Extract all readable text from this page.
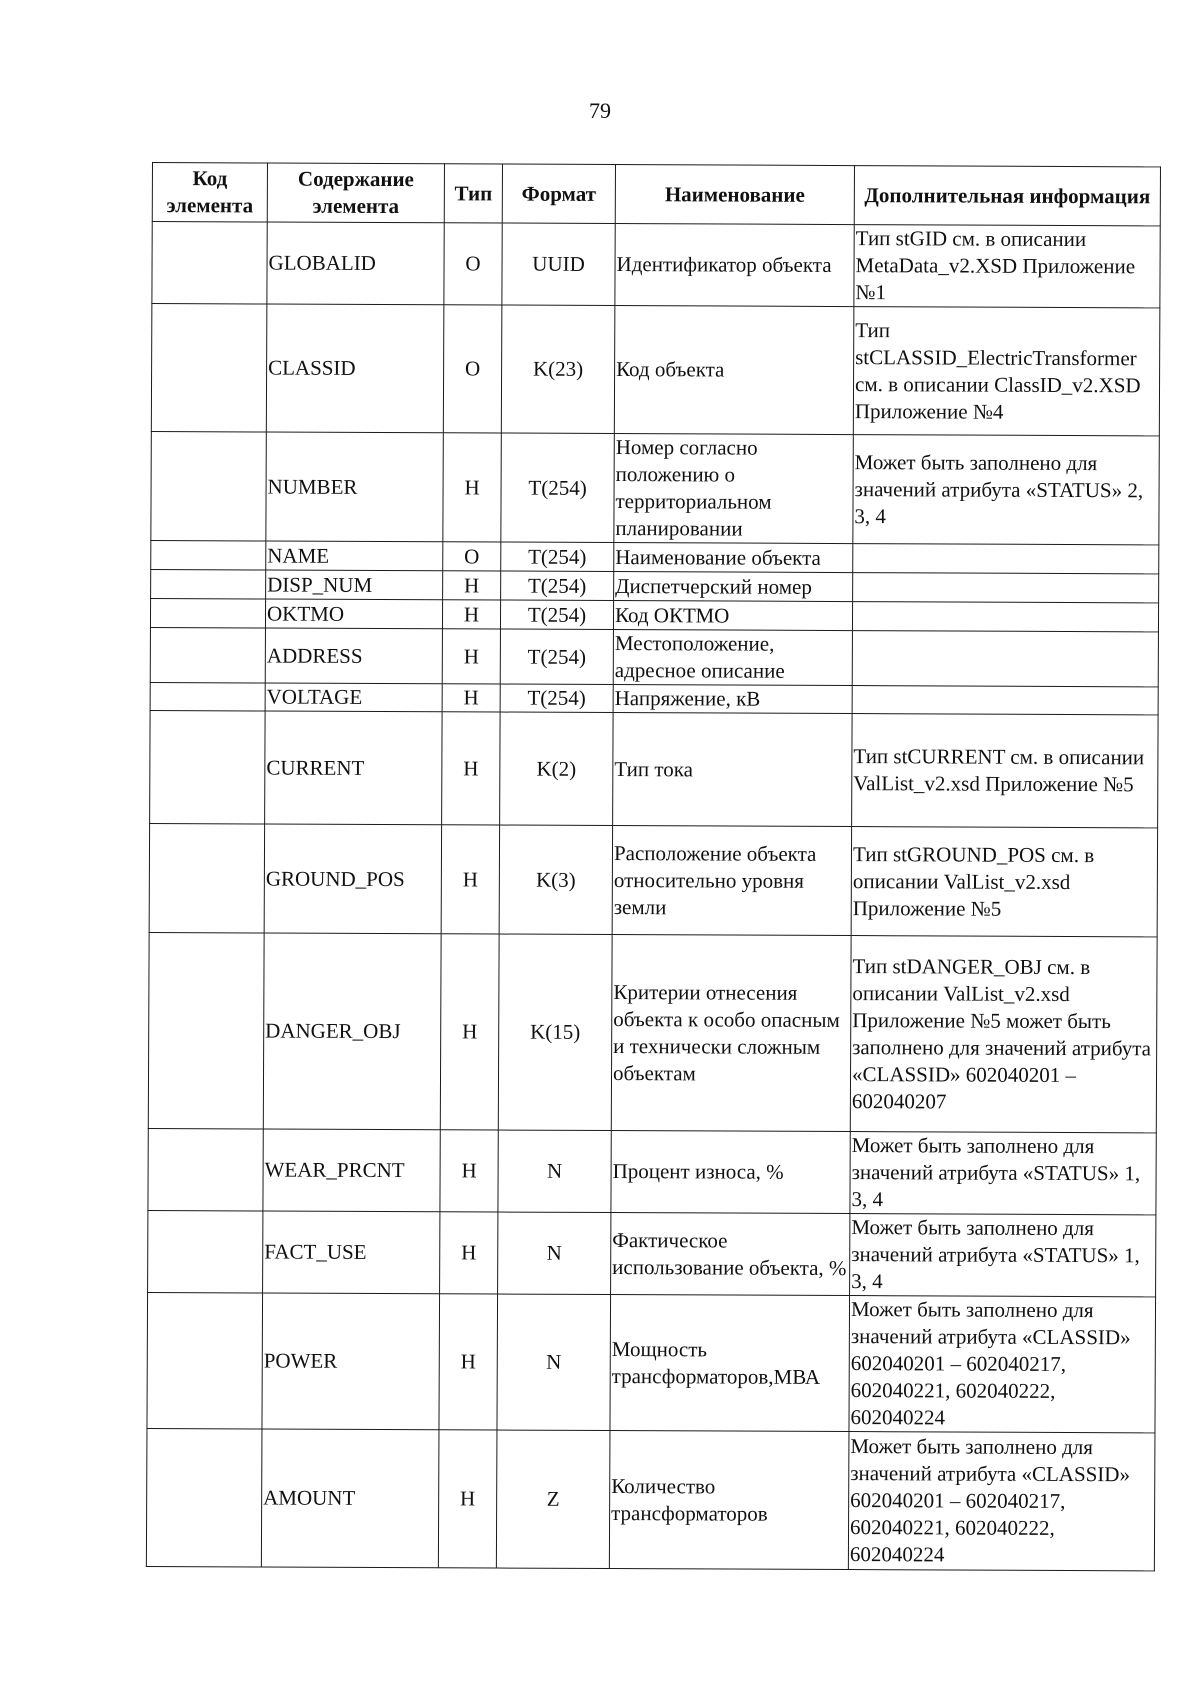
79
Код элемента	Содержание элемента	Тип	Формат	Наименование	Дополнительная информация
	GLOBALID	О	UUID	Идентификатор объекта	Тип stGID см. в описании MetaData_v2.XSD Приложение №1
	CLASSID	О	K(23)	Код объекта	Тип stCLASSID_ElectricTransformer см. в описании ClassID_v2.XSD Приложение №4
	NUMBER	Н	T(254)	Номер согласно положению о территориальном планировании	Может быть заполнено для значений атрибута «STATUS» 2, 3, 4
	NAME	О	T(254)	Наименование объекта	
	DISP_NUM	Н	T(254)	Диспетчерский номер	
	OKTMO	Н	T(254)	Код ОКТМО	
	ADDRESS	Н	T(254)	Местоположение, адресное описание	
	VOLTAGE	Н	T(254)	Напряжение, кВ	
	CURRENT	Н	K(2)	Тип тока	Тип stCURRENT см. в описании ValList_v2.xsd Приложение №5
	GROUND_POS	Н	K(3)	Расположение объекта относительно уровня земли	Тип stGROUND_POS см. в описании ValList_v2.xsd Приложение №5
	DANGER_OBJ	Н	K(15)	Критерии отнесения объекта к особо опасным и технически сложным объектам	Тип stDANGER_OBJ см. в описании ValList_v2.xsd Приложение №5 может быть заполнено для значений атрибута «CLASSID» 602040201 – 602040207
	WEAR_PRCNT	Н	N	Процент износа, %	Может быть заполнено для значений атрибута «STATUS» 1, 3, 4
	FACT_USE	Н	N	Фактическое использование объекта, %	Может быть заполнено для значений атрибута «STATUS» 1, 3, 4
	POWER	Н	N	Мощность трансформаторов,МВА	Может быть заполнено для значений атрибута «CLASSID» 602040201 – 602040217, 602040221, 602040222, 602040224
	AMOUNT	Н	Z	Количество трансформаторов	Может быть заполнено для значений атрибута «CLASSID» 602040201 – 602040217, 602040221, 602040222, 602040224
